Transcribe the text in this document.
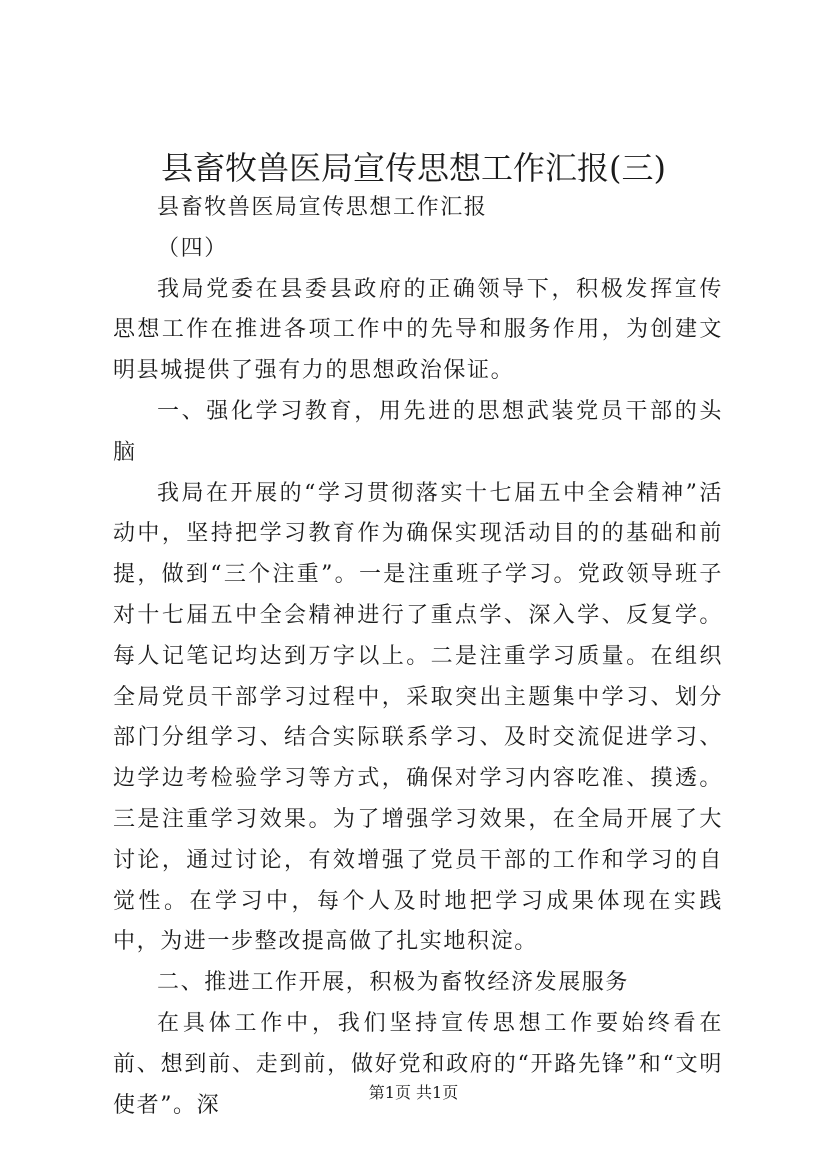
县畜牧兽医局宣传思想工作汇报(三)

县畜牧兽医局宣传思想工作汇报

（四）

我局党委在县委县政府的正确领导下，积极发挥宣传思想工作在推进各项工作中的先导和服务作用，为创建文明县城提供了强有力的思想政治保证。

一、强化学习教育，用先进的思想武装党员干部的头脑

我局在开展的“学习贯彻落实十七届五中全会精神”活动中，坚持把学习教育作为确保实现活动目的的基础和前提，做到“三个注重”。一是注重班子学习。党政领导班子对十七届五中全会精神进行了重点学、深入学、反复学。每人记笔记均达到万字以上。二是注重学习质量。在组织全局党员干部学习过程中，采取突出主题集中学习、划分部门分组学习、结合实际联系学习、及时交流促进学习、边学边考检验学习等方式，确保对学习内容吃准、摸透。三是注重学习效果。为了增强学习效果，在全局开展了大讨论，通过讨论，有效增强了党员干部的工作和学习的自觉性。在学习中，每个人及时地把学习成果体现在实践中，为进一步整改提高做了扎实地积淀。

二、推进工作开展，积极为畜牧经济发展服务

在具体工作中，我们坚持宣传思想工作要始终看在前、想到前、走到前，做好党和政府的“开路先锋”和“文明使者”。深

第1页 共1页
